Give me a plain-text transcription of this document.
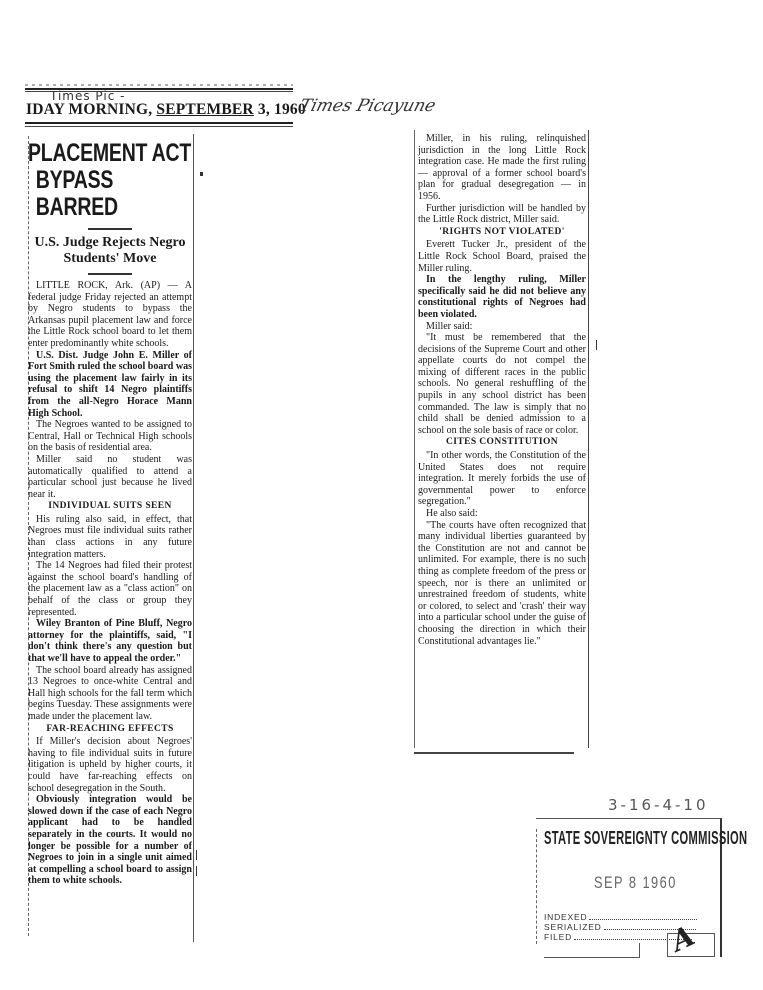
Times Pic -
IDAY MORNING, SEPTEMBER 3, 1960
Times Picayune
PLACEMENT ACT
BYPASS BARRED
U.S. Judge Rejects Negro Students' Move

LITTLE ROCK, Ark. (AP) — A federal judge Friday rejected an attempt by Negro students to bypass the Arkansas pupil placement law and force the Little Rock school board to let them enter predominantly white schools.

U.S. Dist. Judge John E. Miller of Fort Smith ruled the school board was using the placement law fairly in its refusal to shift 14 Negro plaintiffs from the all-Negro Horace Mann High School.

The Negroes wanted to be assigned to Central, Hall or Technical High schools on the basis of residential area.

Miller said no student was automatically qualified to attend a particular school just because he lived near it.

INDIVIDUAL SUITS SEEN

His ruling also said, in effect, that Negroes must file individual suits rather than class actions in any future integration matters.

The 14 Negroes had filed their protest against the school board's handling of the placement law as a "class action" on behalf of the class or group they represented.

Wiley Branton of Pine Bluff, Negro attorney for the plaintiffs, said, "I don't think there's any question but that we'll have to appeal the order."

The school board already has assigned 13 Negroes to once-white Central and Hall high schools for the fall term which begins Tuesday. These assignments were made under the placement law.

FAR-REACHING EFFECTS

If Miller's decision about Negroes' having to file individual suits in future litigation is upheld by higher courts, it could have far-reaching effects on school desegregation in the South.

Obviously integration would be slowed down if the case of each Negro applicant had to be handled separately in the courts. It would no longer be possible for a number of Negroes to join in a single unit aimed at compelling a school board to assign them to white schools.

Miller, in his ruling, relinquished jurisdiction in the long Little Rock integration case. He made the first ruling — approval of a former school board's plan for gradual desegregation — in 1956.

Further jurisdiction will be handled by the Little Rock district, Miller said.

'RIGHTS NOT VIOLATED'

Everett Tucker Jr., president of the Little Rock School Board, praised the Miller ruling.

In the lengthy ruling, Miller specifically said he did not believe any constitutional rights of Negroes had been violated.

Miller said:

"It must be remembered that the decisions of the Supreme Court and other appellate courts do not compel the mixing of different races in the public schools. No general reshuffling of the pupils in any school district has been commanded. The law is simply that no child shall be denied admission to a school on the sole basis of race or color.

CITES CONSTITUTION

"In other words, the Constitution of the United States does not require integration. It merely forbids the use of governmental power to enforce segregation."

He also said:

"The courts have often recognized that many individual liberties guaranteed by the Constitution are not and cannot be unlimited. For example, there is no such thing as complete freedom of the press or speech, nor is there an unlimited or unrestrained freedom of students, white or colored, to select and 'crash' their way into a particular school under the guise of choosing the direction in which their Constitutional advantages lie."

3-16-4-10
STATE SOVEREIGNTY COMMISSION
SEP 8 1960
INDEXED
SERIALIZED
FILED	A
